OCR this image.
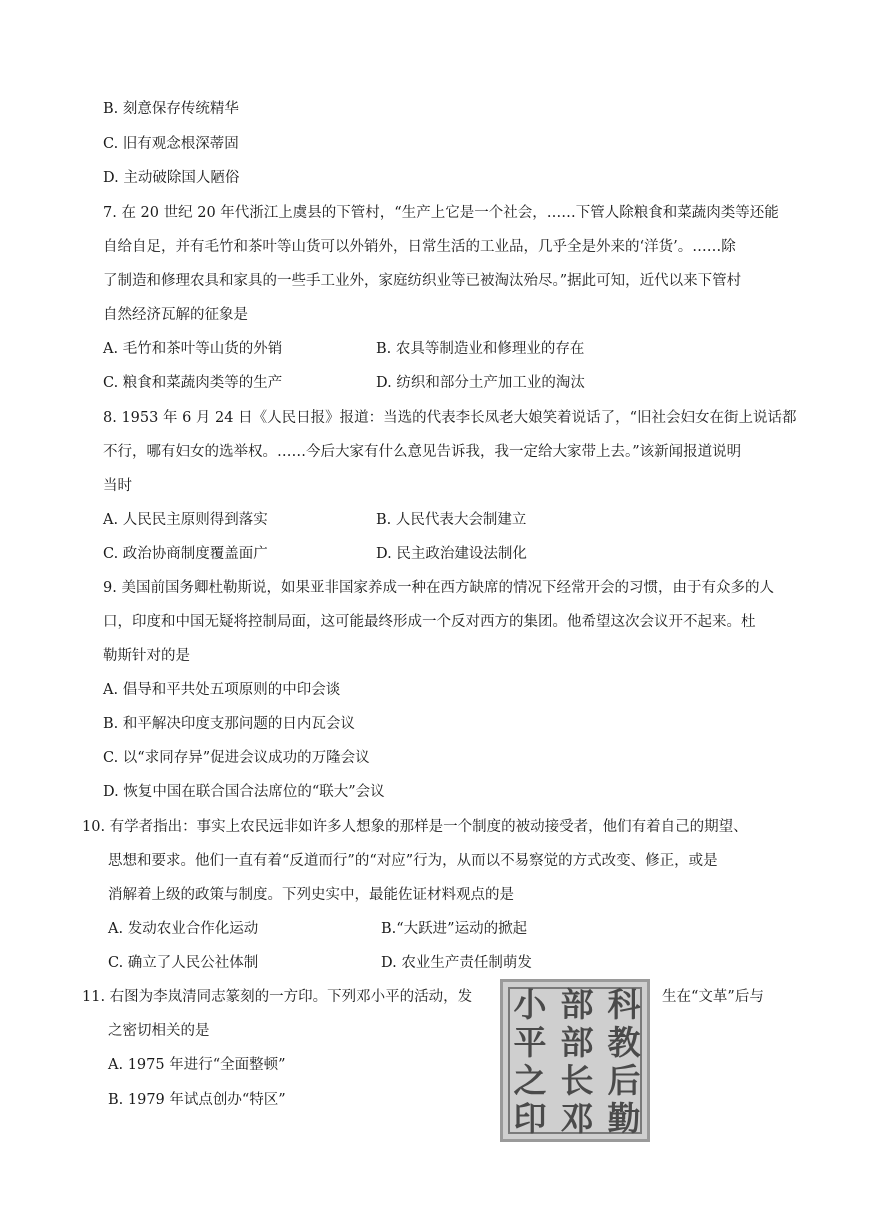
B. 刻意保存传统精华
C. 旧有观念根深蒂固
D. 主动破除国人陋俗
7. 在 20 世纪 20 年代浙江上虞县的下管村，“生产上它是一个社会，……下管人除粮食和菜蔬肉类等还能
自给自足，并有毛竹和茶叶等山货可以外销外，日常生活的工业品，几乎全是外来的‘洋货’。……除
了制造和修理农具和家具的一些手工业外，家庭纺织业等已被淘汰殆尽。”据此可知，近代以来下管村
自然经济瓦解的征象是
A. 毛竹和茶叶等山货的外销	B. 农具等制造业和修理业的存在
C. 粮食和菜蔬肉类等的生产	D. 纺织和部分土产加工业的淘汰
8. 1953 年 6 月 24 日《人民日报》报道：当选的代表李长凤老大娘笑着说话了，“旧社会妇女在街上说话都
不行，哪有妇女的选举权。……今后大家有什么意见告诉我，我一定给大家带上去。”该新闻报道说明
当时
A. 人民民主原则得到落实	B. 人民代表大会制建立
C. 政治协商制度覆盖面广	D. 民主政治建设法制化
9. 美国前国务卿杜勒斯说，如果亚非国家养成一种在西方缺席的情况下经常开会的习惯，由于有众多的人
口，印度和中国无疑将控制局面，这可能最终形成一个反对西方的集团。他希望这次会议开不起来。杜
勒斯针对的是
A. 倡导和平共处五项原则的中印会谈
B. 和平解决印度支那问题的日内瓦会议
C. 以“求同存异”促进会议成功的万隆会议
D. 恢复中国在联合国合法席位的“联大”会议
10. 有学者指出：事实上农民远非如许多人想象的那样是一个制度的被动接受者，他们有着自己的期望、
思想和要求。他们一直有着“反道而行”的“对应”行为，从而以不易察觉的方式改变、修正，或是
消解着上级的政策与制度。下列史实中，最能佐证材料观点的是
A. 发动农业合作化运动	B.“大跃进”运动的掀起
C. 确立了人民公社体制	D. 农业生产责任制萌发
11. 右图为李岚清同志篆刻的一方印。下列邓小平的活动，发	生在“文革”后与
之密切相关的是
A. 1975 年进行“全面整顿”
B. 1979 年试点创办“特区”
科
教
后
勤
部
部
长
邓
小
平
之
印
